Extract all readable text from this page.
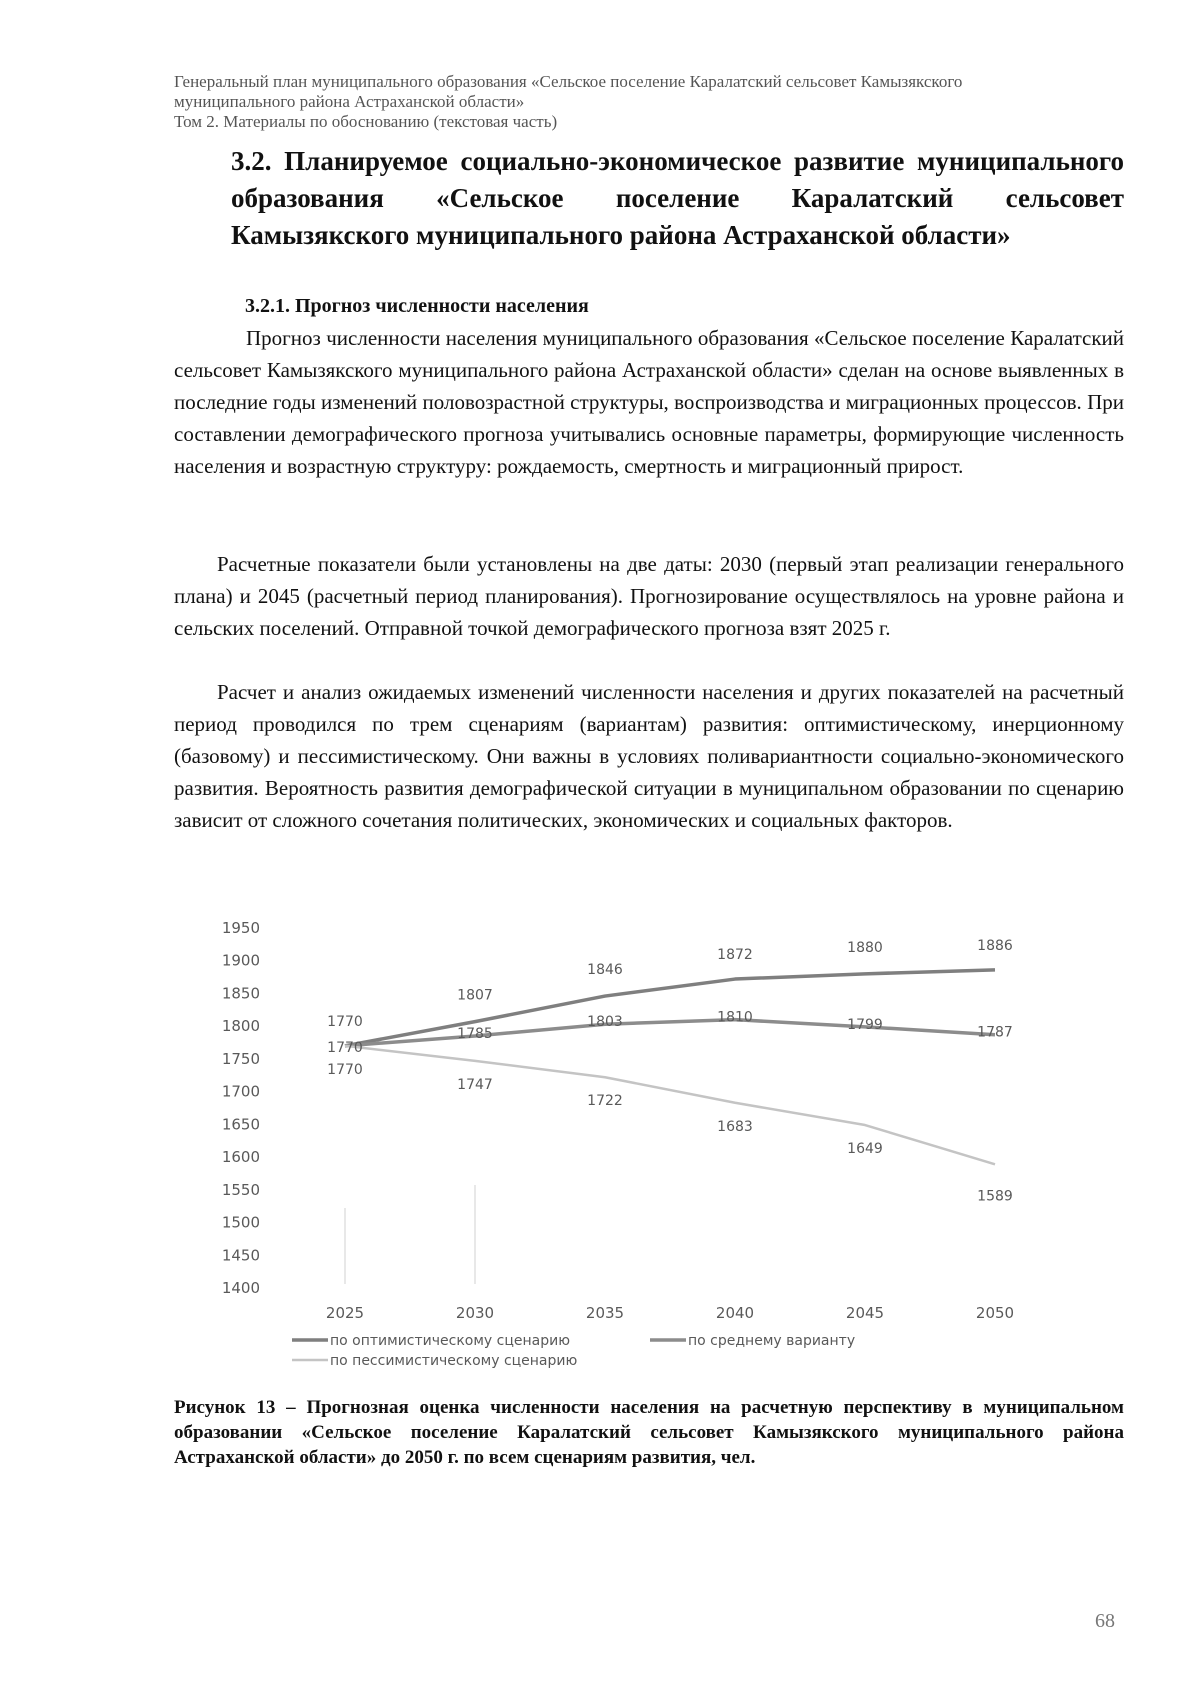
Генеральный план муниципального образования «Сельское поселение Каралатский сельсовет Камызякского
муниципального района Астраханской области»
Том 2. Материалы по обоснованию (текстовая часть)
3.2. Планируемое социально-экономическое развитие муниципального образования «Сельское поселение Каралатский сельсовет Камызякского муниципального района Астраханской области»
3.2.1. Прогноз численности населения

Прогноз численности населения муниципального образования «Сельское поселение Каралатский сельсовет Камызякского муниципального района Астраханской области» сделан на основе выявленных в последние годы изменений половозрастной структуры, воспроизводства и миграционных процессов. При составлении демографического прогноза учитывались основные параметры, формирующие численность населения и возрастную структуру: рождаемость, смертность и миграционный прирост.

Расчетные показатели были установлены на две даты: 2030 (первый этап реализации генерального плана) и 2045 (расчетный период планирования). Прогнозирование осуществлялось на уровне района и сельских поселений. Отправной точкой демографического прогноза взят 2025 г.

Расчет и анализ ожидаемых изменений численности населения и других показателей на расчетный период проводился по трем сценариям (вариантам) развития: оптимистическому, инерционному (базовому) и пессимистическому. Они важны в условиях поливариантности социально-экономического развития. Вероятность развития демографической ситуации в муниципальном образовании по сценарию зависит от сложного сочетания политических, экономических и социальных факторов.

1950
1900
1850
1800
1750
1700
1650
1600
1550
1500
1450
1400
2025	2030	2035	2040	2045	2050
1770
1807
1846
1872	1880	1886
1770
1785
1803	1810	1799	1787
1770
1747
1722
1683
1649
1589
по оптимистическому сценарию	по среднему варианту
по пессимистическому сценарию

Рисунок 13 – Прогнозная оценка численности населения на расчетную перспективу в муниципальном образовании «Сельское поселение Каралатский сельсовет Камызякского муниципального района Астраханской области» до 2050 г. по всем сценариям развития, чел.

68
